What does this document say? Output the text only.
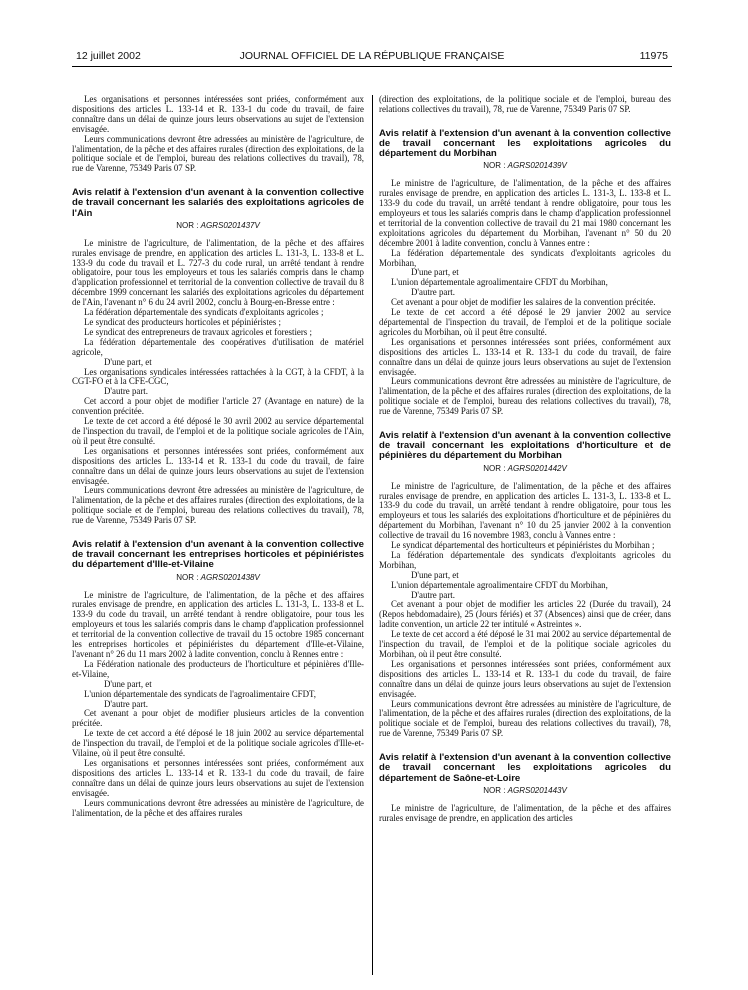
12 juillet 2002	JOURNAL OFFICIEL DE LA RÉPUBLIQUE FRANÇAISE	11975

Les organisations et personnes intéressées sont priées, conformément aux dispositions des articles L. 133-14 et R. 133-1 du code du travail, de faire connaître dans un délai de quinze jours leurs observations au sujet de l'extension envisagée.

Leurs communications devront être adressées au ministère de l'agriculture, de l'alimentation, de la pêche et des affaires rurales (direction des exploitations, de la politique sociale et de l'emploi, bureau des relations collectives du travail), 78, rue de Varenne, 75349 Paris 07 SP.

Avis relatif à l'extension d'un avenant à la convention collective de travail concernant les salariés des exploitations agricoles de l'Ain
NOR : AGRS0201437V

Le ministre de l'agriculture, de l'alimentation, de la pêche et des affaires rurales envisage de prendre, en application des articles L. 131-3, L. 133-8 et L. 133-9 du code du travail et L. 727-3 du code rural, un arrêté tendant à rendre obligatoire, pour tous les employeurs et tous les salariés compris dans le champ d'application professionnel et territorial de la convention collective de travail du 8 décembre 1999 concernant les salariés des exploitations agricoles du département de l'Ain, l'avenant n° 6 du 24 avril 2002, conclu à Bourg-en-Bresse entre :

La fédération départementale des syndicats d'exploitants agricoles ;

Le syndicat des producteurs horticoles et pépiniéristes ;

Le syndicat des entrepreneurs de travaux agricoles et forestiers ;

La fédération départementale des coopératives d'utilisation de matériel agricole,

D'une part, et

Les organisations syndicales intéressées rattachées à la CGT, à la CFDT, à la CGT-FO et à la CFE-CGC,

D'autre part.

Cet accord a pour objet de modifier l'article 27 (Avantage en nature) de la convention précitée.

Le texte de cet accord a été déposé le 30 avril 2002 au service départemental de l'inspection du travail, de l'emploi et de la politique sociale agricoles de l'Ain, où il peut être consulté.

Les organisations et personnes intéressées sont priées, conformément aux dispositions des articles L. 133-14 et R. 133-1 du code du travail, de faire connaître dans un délai de quinze jours leurs observations au sujet de l'extension envisagée.

Leurs communications devront être adressées au ministère de l'agriculture, de l'alimentation, de la pêche et des affaires rurales (direction des exploitations, de la politique sociale et de l'emploi, bureau des relations collectives du travail), 78, rue de Varenne, 75349 Paris 07 SP.

Avis relatif à l'extension d'un avenant à la convention collective de travail concernant les entreprises horticoles et pépiniéristes du département d'Ille-et-Vilaine
NOR : AGRS0201438V

Le ministre de l'agriculture, de l'alimentation, de la pêche et des affaires rurales envisage de prendre, en application des articles L. 131-3, L. 133-8 et L. 133-9 du code du travail, un arrêté tendant à rendre obligatoire, pour tous les employeurs et tous les salariés compris dans le champ d'application professionnel et territorial de la convention collective de travail du 15 octobre 1985 concernant les entreprises horticoles et pépiniéristes du département d'Ille-et-Vilaine, l'avenant n° 26 du 11 mars 2002 à ladite convention, conclu à Rennes entre :

La Fédération nationale des producteurs de l'horticulture et pépinières d'Ille-et-Vilaine,

D'une part, et

L'union départementale des syndicats de l'agroalimentaire CFDT,

D'autre part.

Cet avenant a pour objet de modifier plusieurs articles de la convention précitée.

Le texte de cet accord a été déposé le 18 juin 2002 au service départemental de l'inspection du travail, de l'emploi et de la politique sociale agricoles d'Ille-et-Vilaine, où il peut être consulté.

Les organisations et personnes intéressées sont priées, conformément aux dispositions des articles L. 133-14 et R. 133-1 du code du travail, de faire connaître dans un délai de quinze jours leurs observations au sujet de l'extension envisagée.

Leurs communications devront être adressées au ministère de l'agriculture, de l'alimentation, de la pêche et des affaires rurales

(direction des exploitations, de la politique sociale et de l'emploi, bureau des relations collectives du travail), 78, rue de Varenne, 75349 Paris 07 SP.

Avis relatif à l'extension d'un avenant à la convention collective de travail concernant les exploitations agricoles du département du Morbihan
NOR : AGRS0201439V

Le ministre de l'agriculture, de l'alimentation, de la pêche et des affaires rurales envisage de prendre, en application des articles L. 131-3, L. 133-8 et L. 133-9 du code du travail, un arrêté tendant à rendre obligatoire, pour tous les employeurs et tous les salariés compris dans le champ d'application professionnel et territorial de la convention collective de travail du 21 mai 1980 concernant les exploitations agricoles du département du Morbihan, l'avenant n° 50 du 20 décembre 2001 à ladite convention, conclu à Vannes entre :

La fédération départementale des syndicats d'exploitants agricoles du Morbihan,

D'une part, et

L'union départementale agroalimentaire CFDT du Morbihan,

D'autre part.

Cet avenant a pour objet de modifier les salaires de la convention précitée.

Le texte de cet accord a été déposé le 29 janvier 2002 au service départemental de l'inspection du travail, de l'emploi et de la politique sociale agricoles du Morbihan, où il peut être consulté.

Les organisations et personnes intéressées sont priées, conformément aux dispositions des articles L. 133-14 et R. 133-1 du code du travail, de faire connaître dans un délai de quinze jours leurs observations au sujet de l'extension envisagée.

Leurs communications devront être adressées au ministère de l'agriculture, de l'alimentation, de la pêche et des affaires rurales (direction des exploitations, de la politique sociale et de l'emploi, bureau des relations collectives du travail), 78, rue de Varenne, 75349 Paris 07 SP.

Avis relatif à l'extension d'un avenant à la convention collective de travail concernant les exploitations d'horticulture et de pépinières du département du Morbihan
NOR : AGRS0201442V

Le ministre de l'agriculture, de l'alimentation, de la pêche et des affaires rurales envisage de prendre, en application des articles L. 131-3, L. 133-8 et L. 133-9 du code du travail, un arrêté tendant à rendre obligatoire, pour tous les employeurs et tous les salariés des exploitations d'horticulture et de pépinières du département du Morbihan, l'avenant n° 10 du 25 janvier 2002 à la convention collective de travail du 16 novembre 1983, conclu à Vannes entre :

Le syndicat départemental des horticulteurs et pépiniéristes du Morbihan ;

La fédération départementale des syndicats d'exploitants agricoles du Morbihan,

D'une part, et

L'union départementale agroalimentaire CFDT du Morbihan,

D'autre part.

Cet avenant a pour objet de modifier les articles 22 (Durée du travail), 24 (Repos hebdomadaire), 25 (Jours fériés) et 37 (Absences) ainsi que de créer, dans ladite convention, un article 22 ter intitulé « Astreintes ».

Le texte de cet accord a été déposé le 31 mai 2002 au service départemental de l'inspection du travail, de l'emploi et de la politique sociale agricoles du Morbihan, où il peut être consulté.

Les organisations et personnes intéressées sont priées, conformément aux dispositions des articles L. 133-14 et R. 133-1 du code du travail, de faire connaître dans un délai de quinze jours leurs observations au sujet de l'extension envisagée.

Leurs communications devront être adressées au ministère de l'agriculture, de l'alimentation, de la pêche et des affaires rurales (direction des exploitations, de la politique sociale et de l'emploi, bureau des relations collectives du travail), 78, rue de Varenne, 75349 Paris 07 SP.

Avis relatif à l'extension d'un avenant à la convention collective de travail concernant les exploitations agricoles du département de Saône-et-Loire
NOR : AGRS0201443V

Le ministre de l'agriculture, de l'alimentation, de la pêche et des affaires rurales envisage de prendre, en application des articles
